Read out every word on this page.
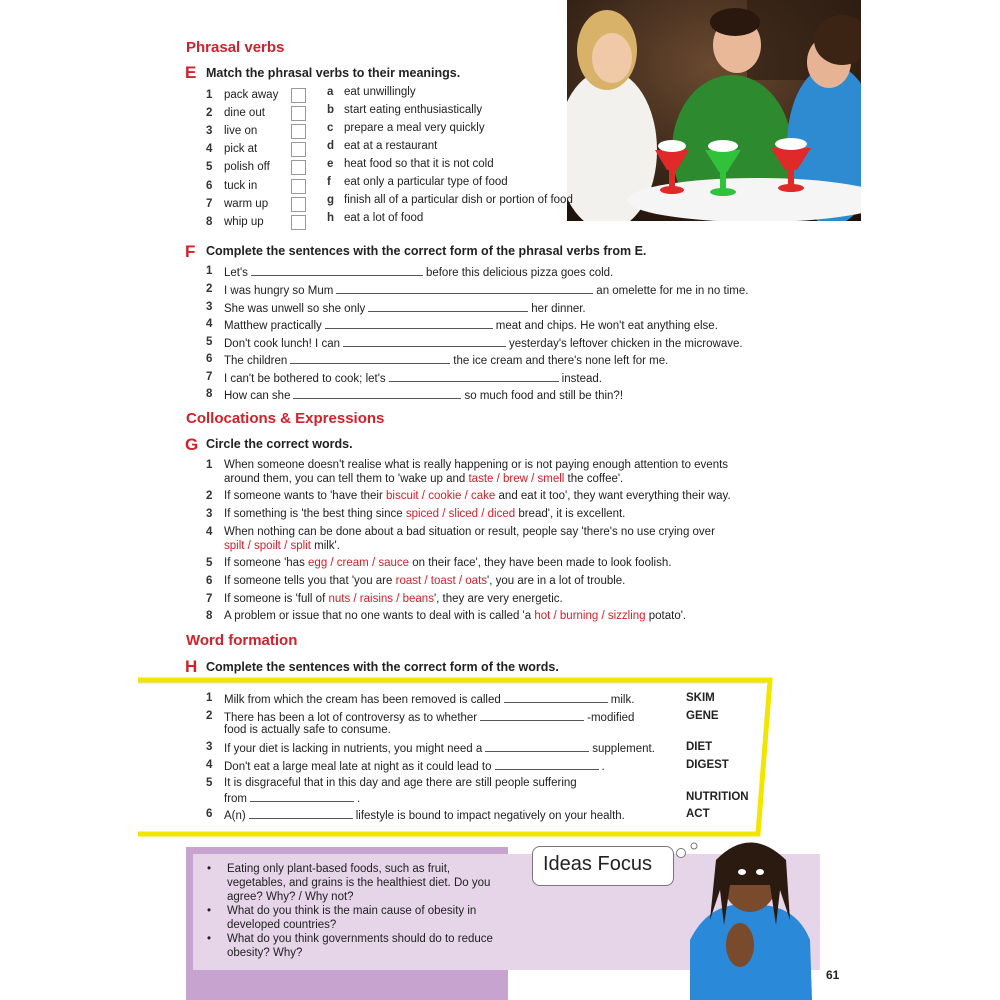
Phrasal verbs
E Match the phrasal verbs to their meanings.
1 pack away
2 dine out
3 live on
4 pick at
5 polish off
6 tuck in
7 warm up
8 whip up
a eat unwillingly
b start eating enthusiastically
c prepare a meal very quickly
d eat at a restaurant
e heat food so that it is not cold
f eat only a particular type of food
g finish all of a particular dish or portion of food
h eat a lot of food
F Complete the sentences with the correct form of the phrasal verbs from E.
1 Let's	before this delicious pizza goes cold.
2 I was hungry so Mum	an omelette for me in no time.
3 She was unwell so she only	her dinner.
4 Matthew practically	meat and chips. He won't eat anything else.
5 Don't cook lunch! I can	yesterday's leftover chicken in the microwave.
6 The children	the ice cream and there's none left for me.
7 I can't be bothered to cook; let's	instead.
8 How can she	so much food and still be thin?!
Collocations & Expressions
G Circle the correct words.
1 When someone doesn't realise what is really happening or is not paying enough attention to events
around them, you can tell them to 'wake up and taste / brew / smell the coffee'.
2 If someone wants to 'have their biscuit / cookie / cake and eat it too', they want everything their way.
3 If something is 'the best thing since spiced / sliced / diced bread', it is excellent.
4 When nothing can be done about a bad situation or result, people say 'there's no use crying over
spilt / spoilt / split milk'.
5 If someone 'has egg / cream / sauce on their face', they have been made to look foolish.
6 If someone tells you that 'you are roast / toast / oats', you are in a lot of trouble.
7 If someone is 'full of nuts / raisins / beans', they are very energetic.
8 A problem or issue that no one wants to deal with is called 'a hot / burning / sizzling potato'.
Word formation
H Complete the sentences with the correct form of the words.
1 Milk from which the cream has been removed is called	milk.	SKIM
2 There has been a lot of controversy as to whether	-modified
food is actually safe to consume.
GENE
3 If your diet is lacking in nutrients, you might need a	supplement.	DIET
4 Don't eat a large meal late at night as it could lead to	.	DIGEST
5 It is disgraceful that in this day and age there are still people suffering
from	.	NUTRITION
6 A(n)	lifestyle is bound to impact negatively on your health.	ACT
• Eating only plant-based foods, such as fruit, vegetables, and grains is the healthiest diet. Do you agree? Why? / Why not?
• What do you think is the main cause of obesity in developed countries?
• What do you think governments should do to reduce obesity? Why?
Ideas Focus
61
